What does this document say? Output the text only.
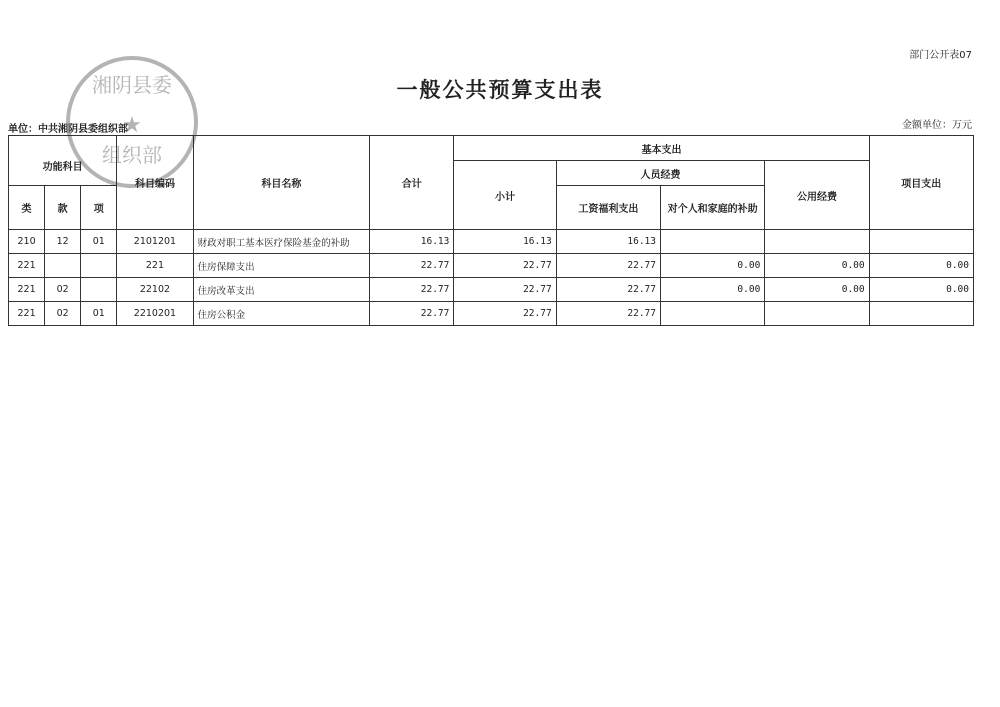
部门公开表07
一般公共预算支出表
单位：中共湘阴县委组织部	金额单位：万元
湘阴县委
★
组织部
功能科目			科目编码	科目名称	合计	基本支出				项目支出
						小计	人员经费		公用经费	
类	款	项					工资福利支出	对个人和家庭的补助		
210	12	01	2101201	财政对职工基本医疗保险基金的补助	16.13	16.13	16.13			
221			221	住房保障支出	22.77	22.77	22.77	0.00	0.00	0.00
221	02		22102	住房改革支出	22.77	22.77	22.77	0.00	0.00	0.00
221	02	01	2210201	住房公积金	22.77	22.77	22.77			
